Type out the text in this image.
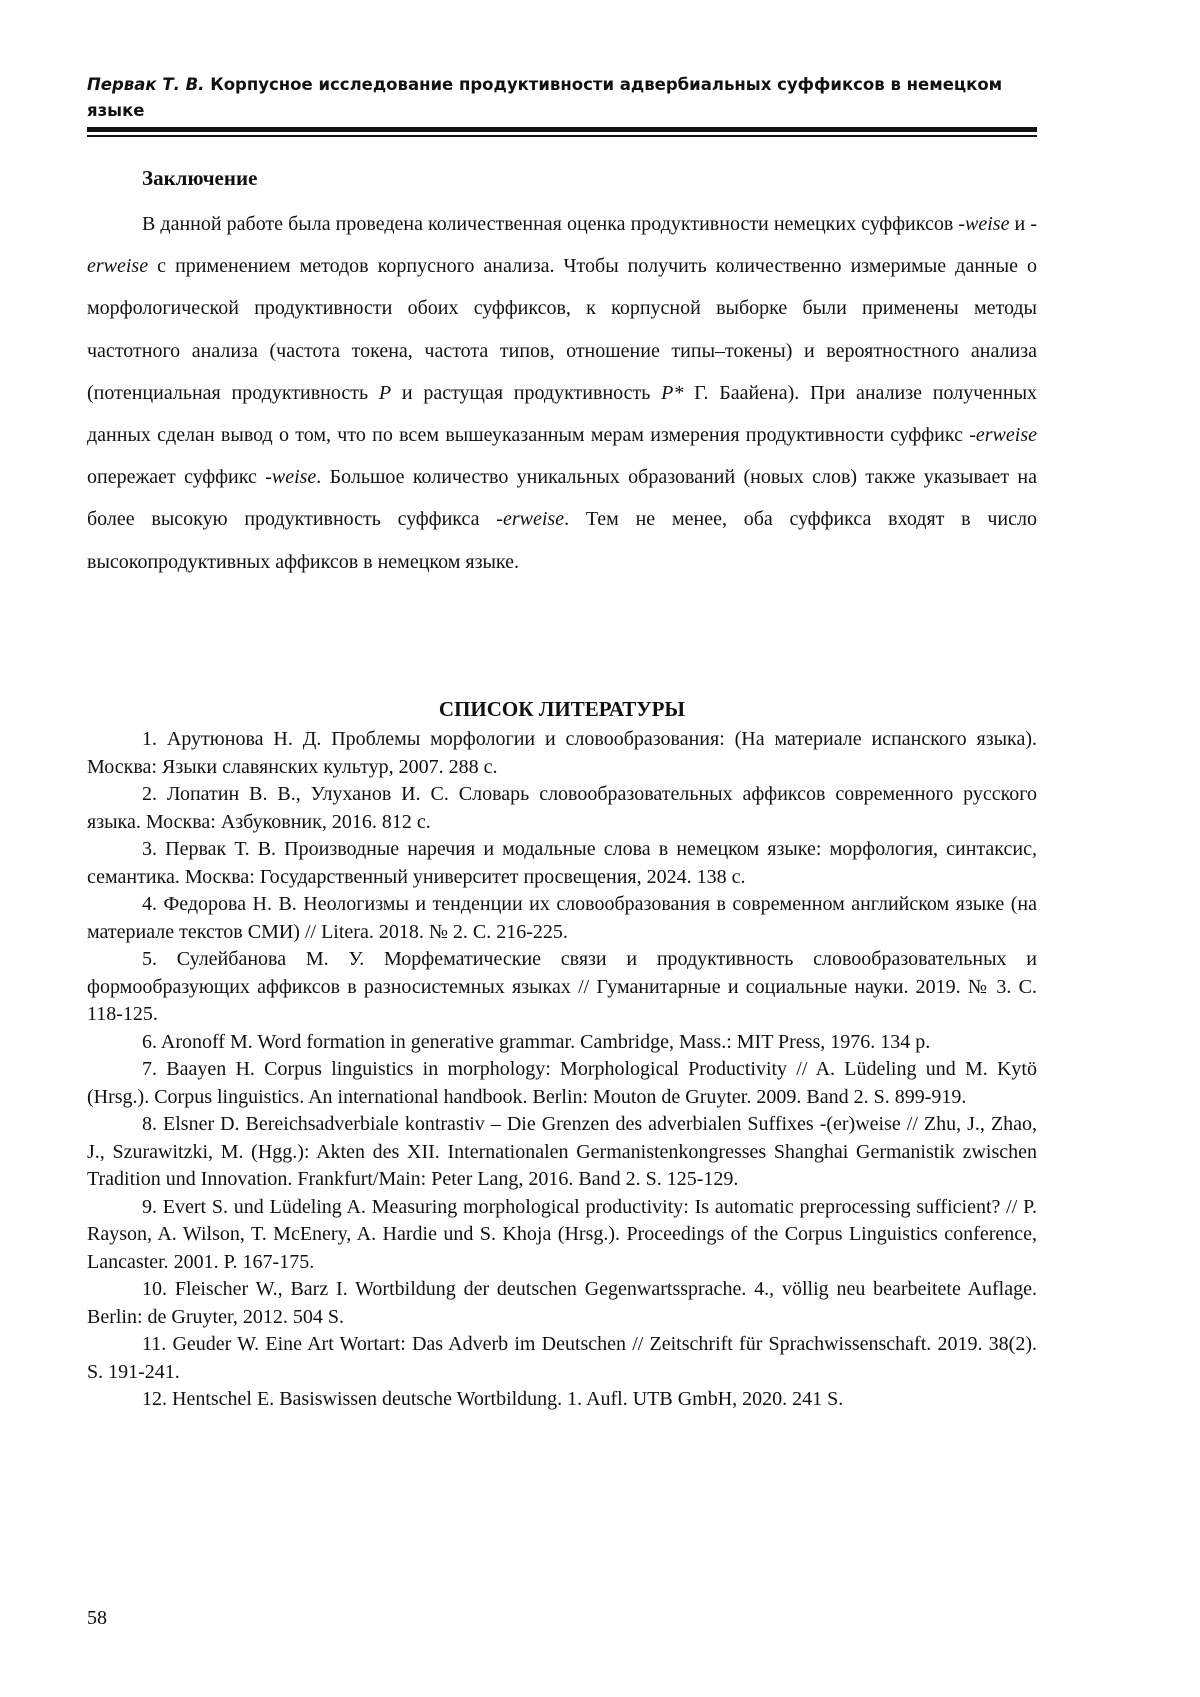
Первак Т. В. Корпусное исследование продуктивности адвербиальных суффиксов в немецком языке
Заключение

В данной работе была проведена количественная оценка продуктивности немецких суффиксов -weise и -erweise с применением методов корпусного анализа. Чтобы получить количественно измеримые данные о морфологической продуктивности обоих суффиксов, к корпусной выборке были применены методы частотного анализа (частота токена, частота типов, отношение типы–токены) и вероятностного анализа (потенциальная продуктивность P и растущая продуктивность P* Г. Баайена). При анализе полученных данных сделан вывод о том, что по всем вышеуказанным мерам измерения продуктивности суффикс -erweise опережает суффикс -weise. Большое количество уникальных образований (новых слов) также указывает на более высокую продуктивность суффикса -erweise. Тем не менее, оба суффикса входят в число высокопродуктивных аффиксов в немецком языке.

СПИСОК ЛИТЕРАТУРЫ
1. Арутюнова Н. Д. Проблемы морфологии и словообразования: (На материале испанского языка). Москва: Языки славянских культур, 2007. 288 с.
2. Лопатин В. В., Улуханов И. С. Словарь словообразовательных аффиксов современного русского языка. Москва: Азбуковник, 2016. 812 с.
3. Первак Т. В. Производные наречия и модальные слова в немецком языке: морфология, синтаксис, семантика. Москва: Государственный университет просвещения, 2024. 138 с.
4. Федорова Н. В. Неологизмы и тенденции их словообразования в современном английском языке (на материале текстов СМИ) // Litera. 2018. № 2. С. 216-225.
5. Сулейбанова М. У. Морфематические связи и продуктивность словообразовательных и формообразующих аффиксов в разносистемных языках // Гуманитарные и социальные науки. 2019. № 3. С. 118-125.
6. Aronoff M. Word formation in generative grammar. Cambridge, Mass.: MIT Press, 1976. 134 p.
7. Baayen H. Corpus linguistics in morphology: Morphological Productivity // A. Lüdeling und M. Kytö (Hrsg.). Corpus linguistics. An international handbook. Berlin: Mouton de Gruyter. 2009. Band 2. S. 899-919.
8. Elsner D. Bereichsadverbiale kontrastiv – Die Grenzen des adverbialen Suffixes -(er)weise // Zhu, J., Zhao, J., Szurawitzki, M. (Hgg.): Akten des XII. Internationalen Germanistenkongresses Shanghai Germanistik zwischen Tradition und Innovation. Frankfurt/Main: Peter Lang, 2016. Band 2. S. 125-129.
9. Evert S. und Lüdeling A. Measuring morphological productivity: Is automatic preprocessing sufficient? // P. Rayson, A. Wilson, T. McEnery, A. Hardie und S. Khoja (Hrsg.). Proceedings of the Corpus Linguistics conference, Lancaster. 2001. P. 167-175.
10. Fleischer W., Barz I. Wortbildung der deutschen Gegenwartssprache. 4., völlig neu bearbeitete Auflage. Berlin: de Gruyter, 2012. 504 S.
11. Geuder W. Eine Art Wortart: Das Adverb im Deutschen // Zeitschrift für Sprachwissenschaft. 2019. 38(2). S. 191-241.
12. Hentschel E. Basiswissen deutsche Wortbildung. 1. Aufl. UTB GmbH, 2020. 241 S.
58
